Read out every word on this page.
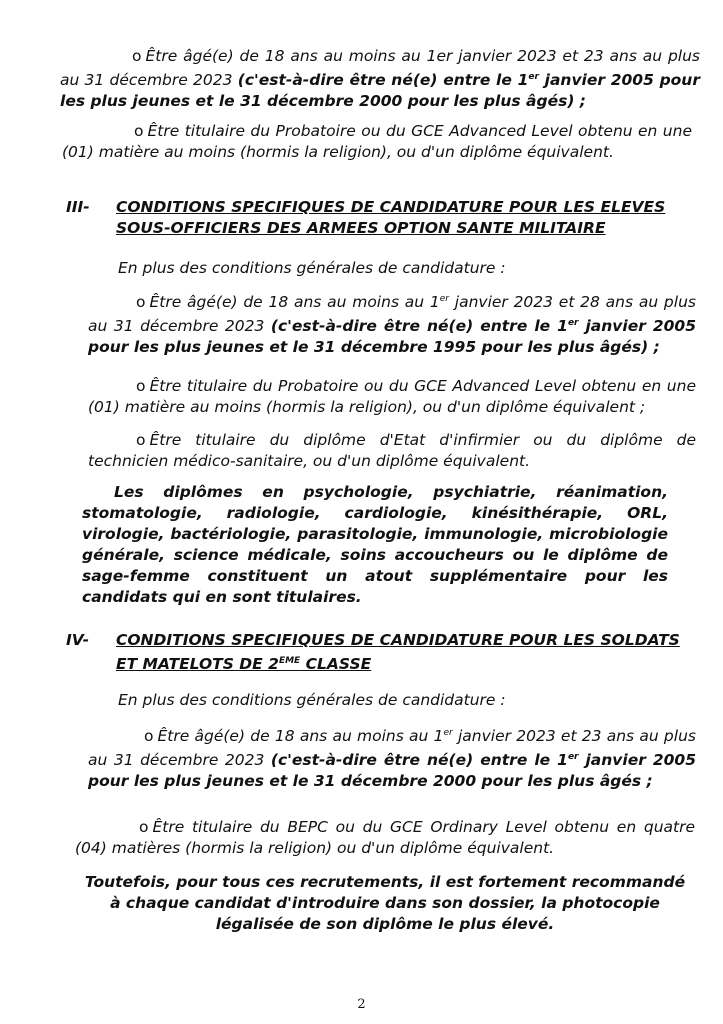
o Être âgé(e) de 18 ans au moins au 1er janvier 2023 et 23 ans au plus au 31 décembre 2023 (c'est-à-dire être né(e) entre le 1er janvier 2005 pour les plus jeunes et le 31 décembre 2000 pour les plus âgés) ;
o Être titulaire du Probatoire ou du GCE Advanced Level obtenu en une (01) matière au moins (hormis la religion), ou d'un diplôme équivalent.
III- CONDITIONS SPECIFIQUES DE CANDIDATURE POUR LES ELEVES
SOUS-OFFICIERS DES ARMEES OPTION SANTE MILITAIRE
En plus des conditions générales de candidature :
o Être âgé(e) de 18 ans au moins au 1er janvier 2023 et 28 ans au plus au 31 décembre 2023 (c'est-à-dire être né(e) entre le 1er janvier 2005 pour les plus jeunes et le 31 décembre 1995 pour les plus âgés) ;
o Être titulaire du Probatoire ou du GCE Advanced Level obtenu en une (01) matière au moins (hormis la religion), ou d'un diplôme équivalent ;
o Être titulaire du diplôme d'Etat d'infirmier ou du diplôme de technicien médico-sanitaire, ou d'un diplôme équivalent.
Les diplômes en psychologie, psychiatrie, réanimation, stomatologie, radiologie, cardiologie, kinésithérapie, ORL, virologie, bactériologie, parasitologie, immunologie, microbiologie générale, science médicale, soins accoucheurs ou le diplôme de sage-femme constituent un atout supplémentaire pour les candidats qui en sont titulaires.
IV- CONDITIONS SPECIFIQUES DE CANDIDATURE POUR LES SOLDATS
ET MATELOTS DE 2EME CLASSE
En plus des conditions générales de candidature :
o Être âgé(e) de 18 ans au moins au 1er janvier 2023 et 23 ans au plus au 31 décembre 2023 (c'est-à-dire être né(e) entre le 1er janvier 2005 pour les plus jeunes et le 31 décembre 2000 pour les plus âgés ;
o Être titulaire du BEPC ou du GCE Ordinary Level obtenu en quatre (04) matières (hormis la religion) ou d'un diplôme équivalent.
Toutefois, pour tous ces recrutements, il est fortement recommandé à chaque candidat d'introduire dans son dossier, la photocopie légalisée de son diplôme le plus élevé.
2
